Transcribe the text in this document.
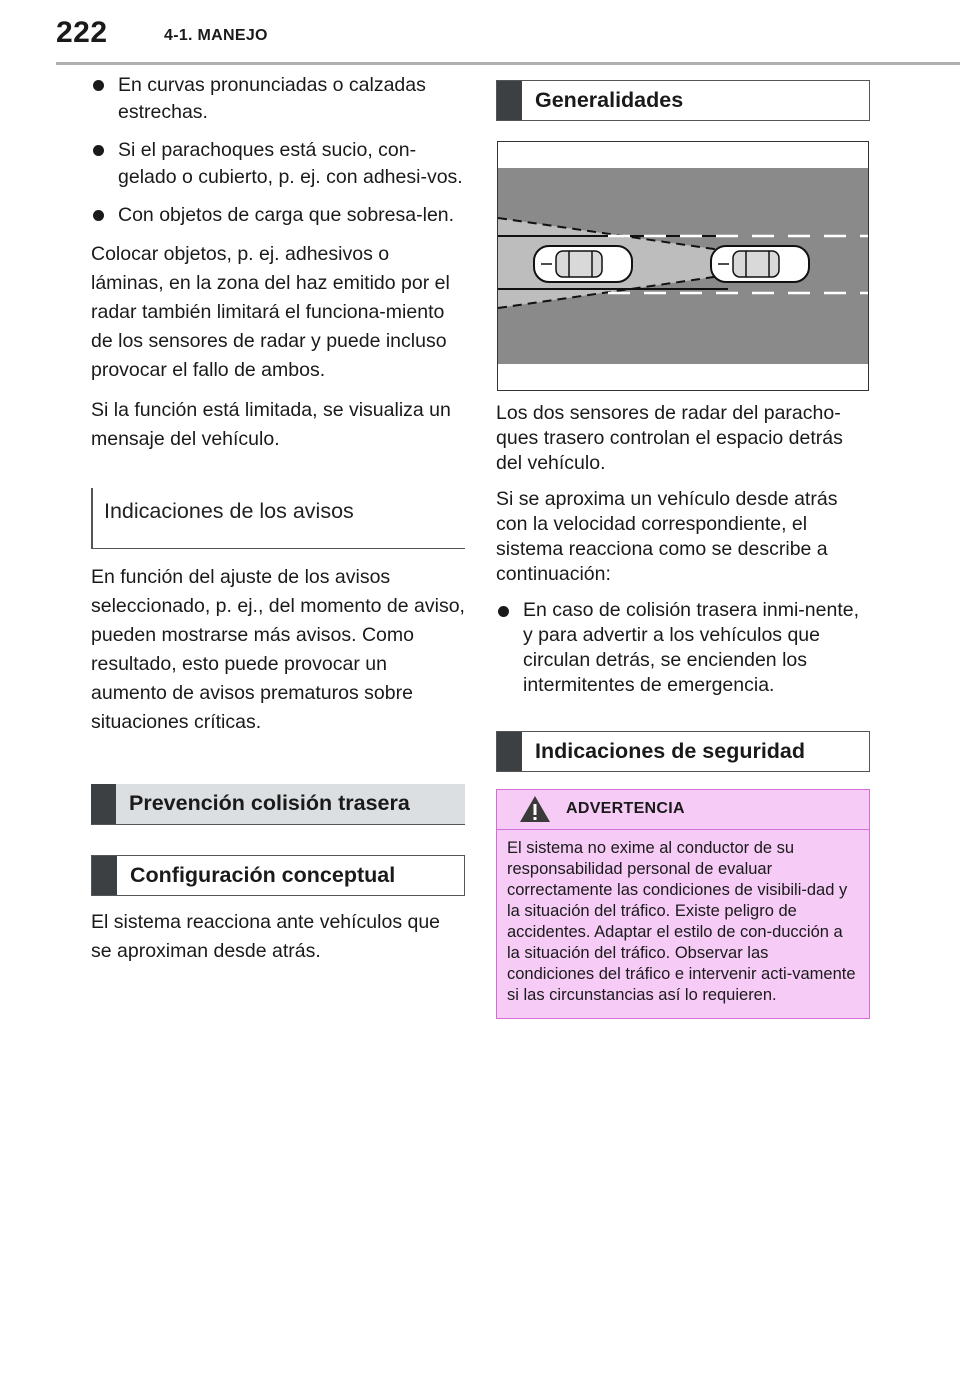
222	4-1. MANEJO
En curvas pronunciadas o calzadas estrechas.
Si el parachoques está sucio, con-gelado o cubierto, p. ej. con adhesi-vos.
Con objetos de carga que sobresa-len.

Colocar objetos, p. ej. adhesivos o láminas, en la zona del haz emitido por el radar también limitará el funciona-miento de los sensores de radar y puede incluso provocar el fallo de ambos.

Si la función está limitada, se visualiza un mensaje del vehículo.

Indicaciones de los avisos

En función del ajuste de los avisos seleccionado, p. ej., del momento de aviso, pueden mostrarse más avisos. Como resultado, esto puede provocar un aumento de avisos prematuros sobre situaciones críticas.

Prevención colisión trasera
Configuración conceptual

El sistema reacciona ante vehículos que se aproximan desde atrás.

Generalidades

Los dos sensores de radar del paracho-ques trasero controlan el espacio detrás del vehículo.

Si se aproxima un vehículo desde atrás con la velocidad correspondiente, el sistema reacciona como se describe a continuación:

En caso de colisión trasera inmi-nente, y para advertir a los vehículos que circulan detrás, se encienden los intermitentes de emergencia.
Indicaciones de seguridad
ADVERTENCIA
El sistema no exime al conductor de su responsabilidad personal de evaluar correctamente las condiciones de visibili-dad y la situación del tráfico. Existe peligro de accidentes. Adaptar el estilo de con-ducción a la situación del tráfico. Observar las condiciones del tráfico e intervenir acti-vamente si las circunstancias así lo requieren.
